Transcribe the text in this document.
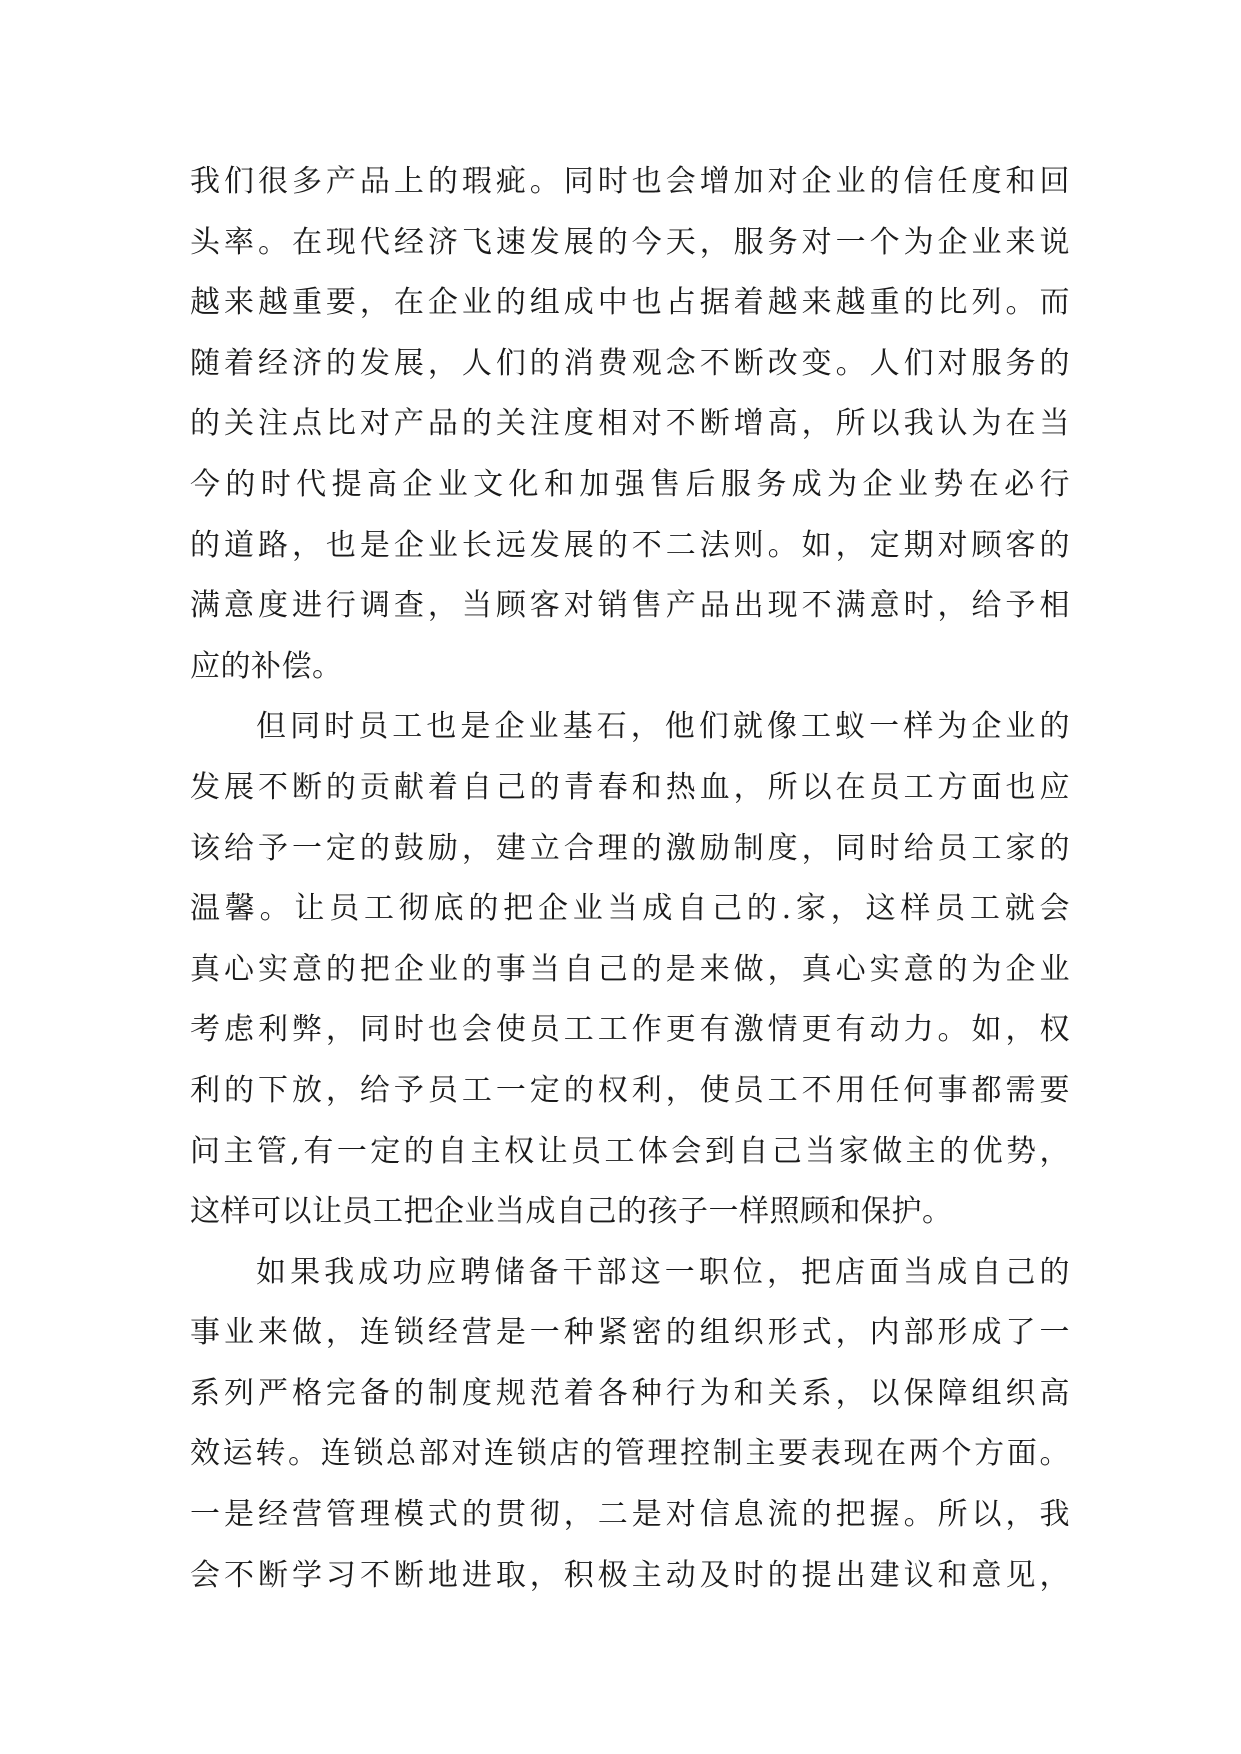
我们很多产品上的瑕疵。同时也会增加对企业的信任度和回
头率。在现代经济飞速发展的今天，服务对一个为企业来说
越来越重要，在企业的组成中也占据着越来越重的比列。而
随着经济的发展，人们的消费观念不断改变。人们对服务的
的关注点比对产品的关注度相对不断增高，所以我认为在当
今的时代提高企业文化和加强售后服务成为企业势在必行
的道路，也是企业长远发展的不二法则。如，定期对顾客的
满意度进行调查，当顾客对销售产品出现不满意时，给予相
应的补偿。
但同时员工也是企业基石，他们就像工蚁一样为企业的
发展不断的贡献着自己的青春和热血，所以在员工方面也应
该给予一定的鼓励，建立合理的激励制度，同时给员工家的
温馨。让员工彻底的把企业当成自己的.家，这样员工就会
真心实意的把企业的事当自己的是来做，真心实意的为企业
考虑利弊，同时也会使员工工作更有激情更有动力。如，权
利的下放，给予员工一定的权利，使员工不用任何事都需要
问主管,有一定的自主权让员工体会到自己当家做主的优势，
这样可以让员工把企业当成自己的孩子一样照顾和保护。
如果我成功应聘储备干部这一职位，把店面当成自己的
事业来做，连锁经营是一种紧密的组织形式，内部形成了一
系列严格完备的制度规范着各种行为和关系，以保障组织高
效运转。连锁总部对连锁店的管理控制主要表现在两个方面。
一是经营管理模式的贯彻，二是对信息流的把握。所以，我
会不断学习不断地进取，积极主动及时的提出建议和意见，
